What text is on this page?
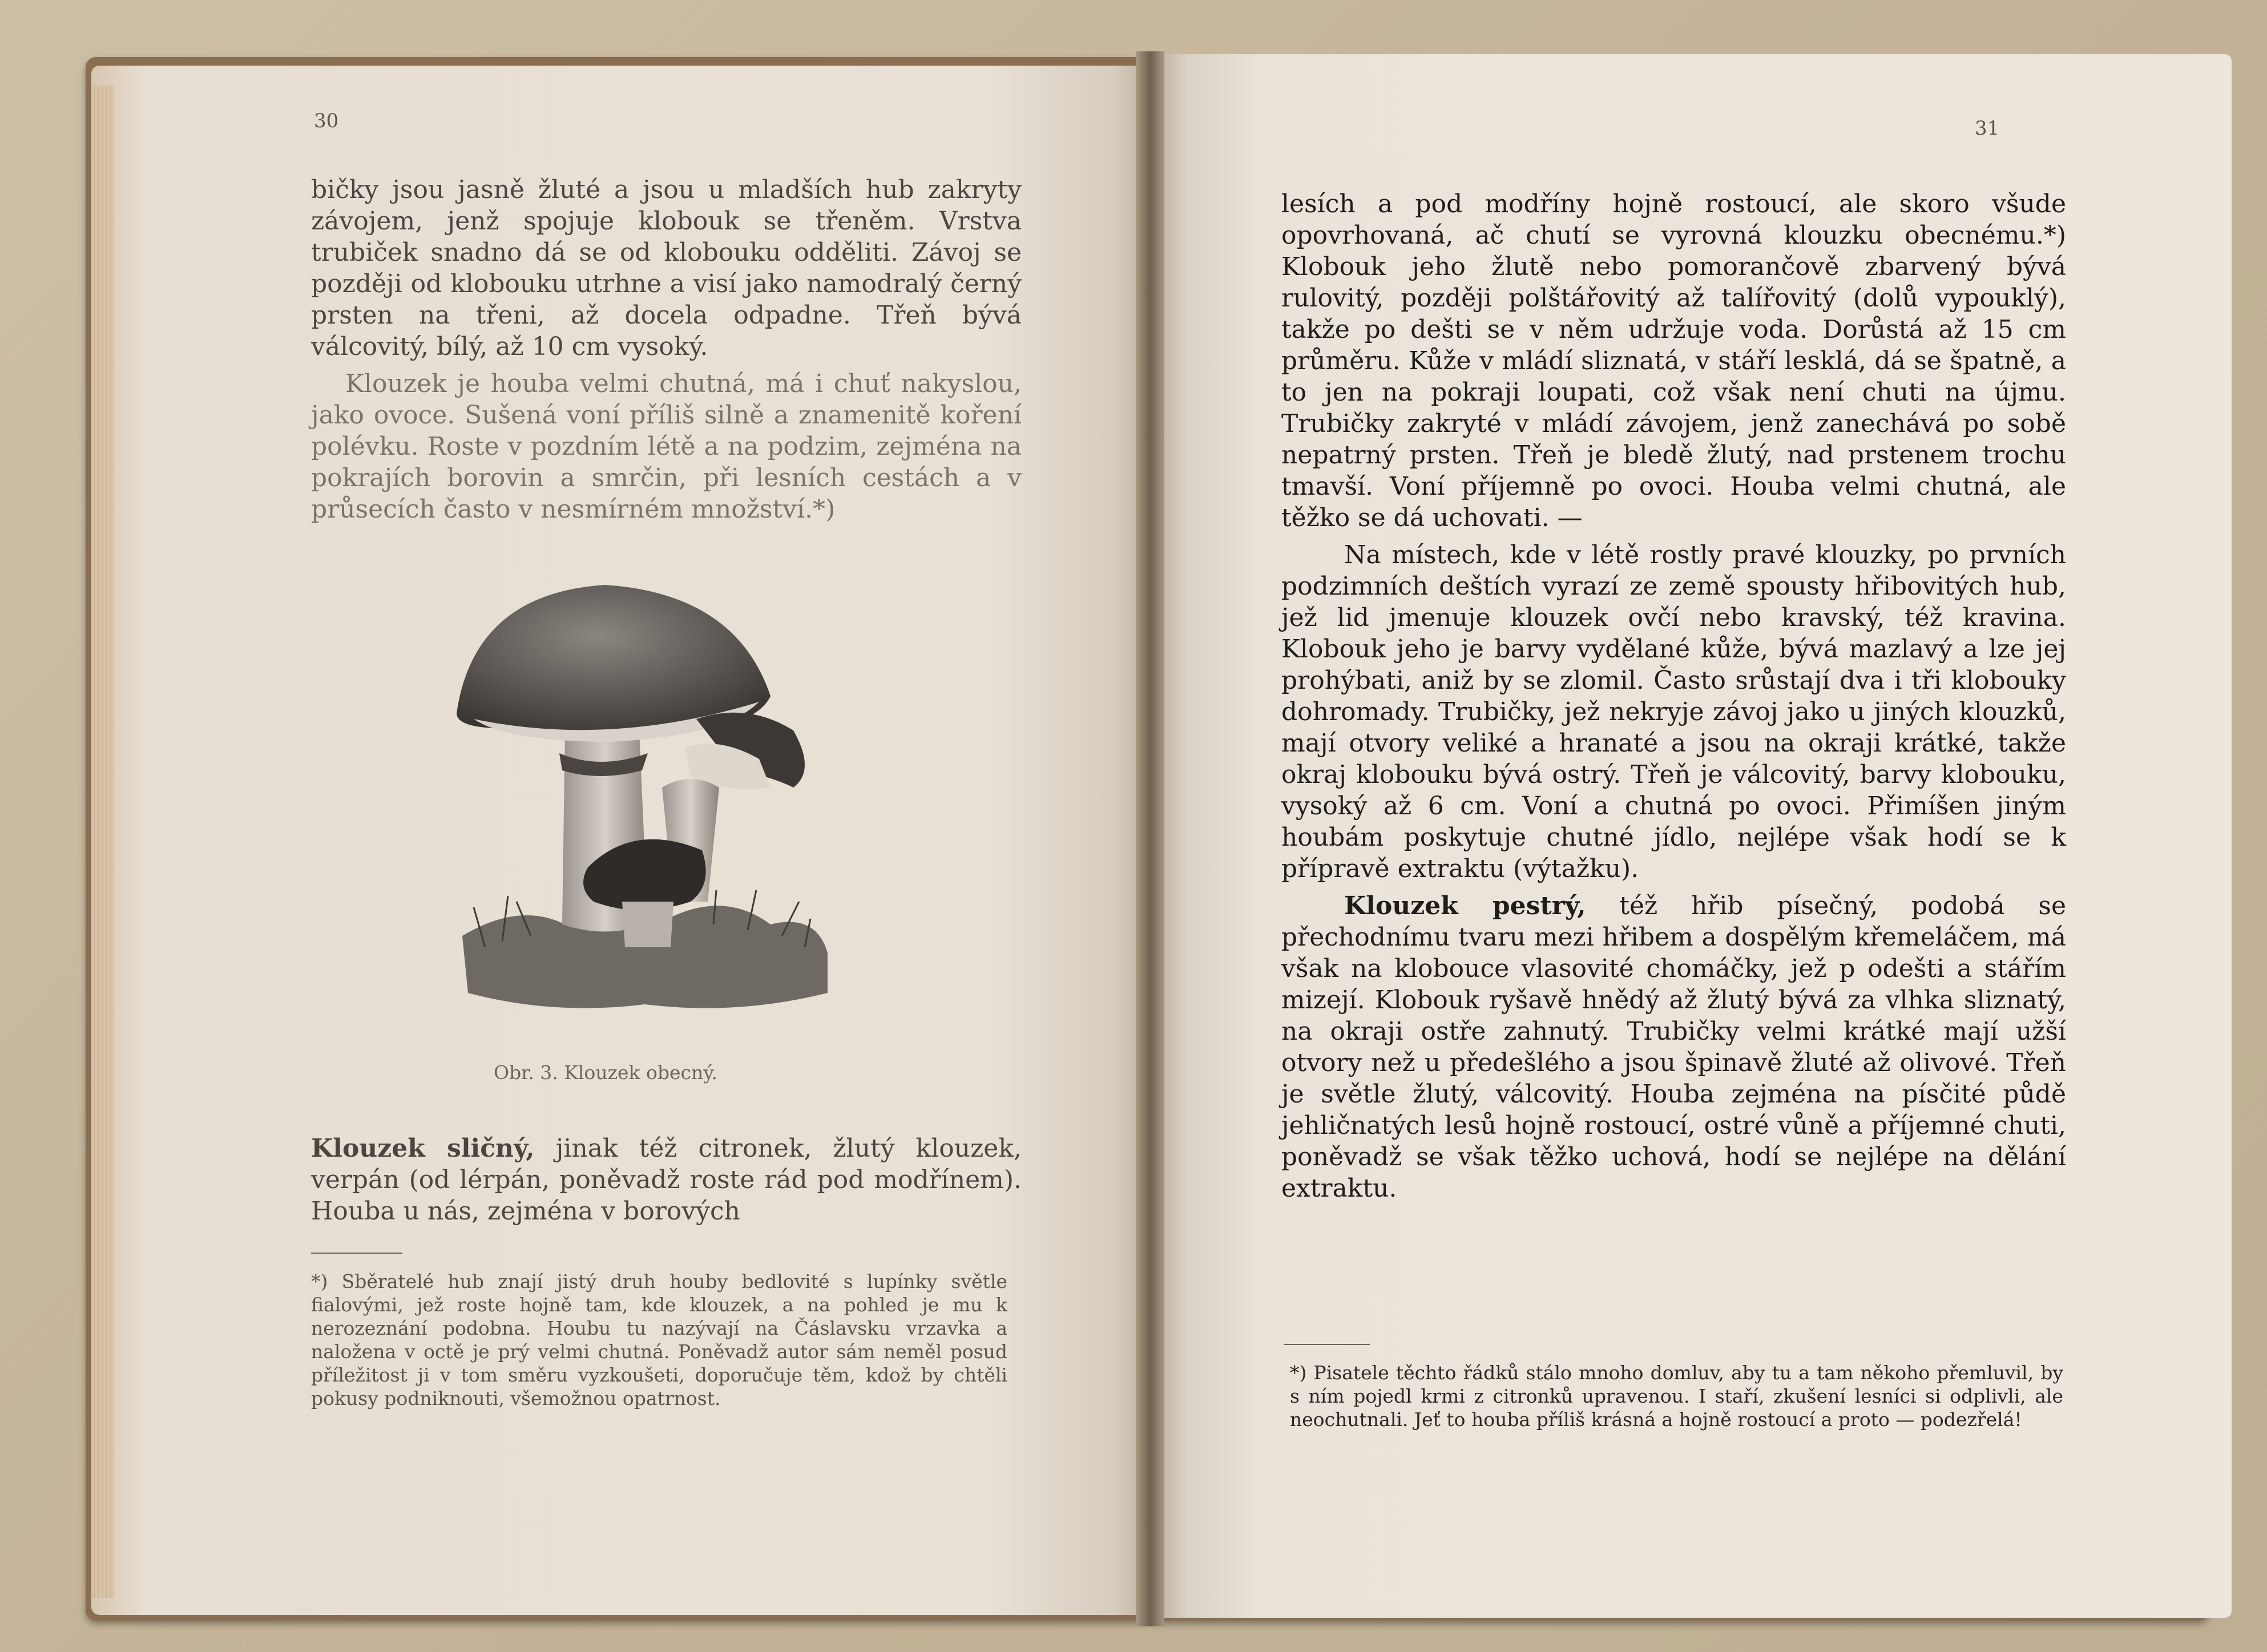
30

bičky jsou jasně žluté a jsou u mladších hub zakryty závojem, jenž spojuje klobouk se třeněm. Vrstva trubiček snadno dá se od klobouku odděliti. Závoj se později od klobouku utrhne a visí jako namodralý černý prsten na třeni, až docela odpadne. Třeň bývá válcovitý, bílý, až 10 cm vysoký.

Klouzek je houba velmi chutná, má i chuť nakyslou, jako ovoce. Sušená voní příliš silně a znamenitě koření polévku. Roste v pozdním létě a na podzim, zejména na pokrajích borovin a smrčin, při lesních cestách a v průsecích často v nesmírném množství.*)

Obr. 3. Klouzek obecný.
Klouzek sličný, jinak též citronek, žlutý klouzek, verpán (od lérpán, poněvadž roste rád pod modřínem). Houba u nás, zejména v borových
*) Sběratelé hub znají jistý druh houby bedlovité s lupínky světle fialovými, jež roste hojně tam, kde klouzek, a na pohled je mu k nerozeznání podobna. Houbu tu nazývají na Čáslavsku vrzavka a naložena v octě je prý velmi chutná. Poněvadž autor sám neměl posud příležitost ji v tom směru vyzkoušeti, doporučuje těm, kdož by chtěli pokusy podniknouti, všemožnou opatrnost.
31

lesích a pod modříny hojně rostoucí, ale skoro všude opovrhovaná, ač chutí se vyrovná klouzku obecnému.*) Klobouk jeho žlutě nebo pomorančově zbarvený bývá rulovitý, později polštářovitý až talířovitý (dolů vypouklý), takže po dešti se v něm udržuje voda. Dorůstá až 15 cm průměru. Kůže v mládí sliznatá, v stáří lesklá, dá se špatně, a to jen na pokraji loupati, což však není chuti na újmu. Trubičky zakryté v mládí závojem, jenž zanechává po sobě nepatrný prsten. Třeň je bledě žlutý, nad prstenem trochu tmavší. Voní příjemně po ovoci. Houba velmi chutná, ale těžko se dá uchovati. —

Na místech, kde v létě rostly pravé klouzky, po prvních podzimních deštích vyrazí ze země spousty hřibovitých hub, jež lid jmenuje klouzek ovčí nebo kravský, též kravina. Klobouk jeho je barvy vydělané kůže, bývá mazlavý a lze jej prohýbati, aniž by se zlomil. Často srůstají dva i tři klobouky dohromady. Trubičky, jež nekryje závoj jako u jiných klouzků, mají otvory veliké a hranaté a jsou na okraji krátké, takže okraj klobouku bývá ostrý. Třeň je válcovitý, barvy klobouku, vysoký až 6 cm. Voní a chutná po ovoci. Přimíšen jiným houbám poskytuje chutné jídlo, nejlépe však hodí se k přípravě extraktu (výtažku).

Klouzek pestrý, též hřib písečný, podobá se přechodnímu tvaru mezi hřibem a dospělým křemeláčem, má však na klobouce vlasovité chomáčky, jež p odešti a stářím mizejí. Klobouk ryšavě hnědý až žlutý bývá za vlhka sliznatý, na okraji ostře zahnutý. Trubičky velmi krátké mají užší otvory než u předešlého a jsou špinavě žluté až olivové. Třeň je světle žlutý, válcovitý. Houba zejména na písčité půdě jehličnatých lesů hojně rostoucí, ostré vůně a příjemné chuti, poněvadž se však těžko uchová, hodí se nejlépe na dělání extraktu.

*) Pisatele těchto řádků stálo mnoho domluv, aby tu a tam někoho přemluvil, by s ním pojedl krmi z citronků upravenou. I staří, zkušení lesníci si odplivli, ale neochutnali. Jeť to houba příliš krásná a hojně rostoucí a proto — podezřelá!
